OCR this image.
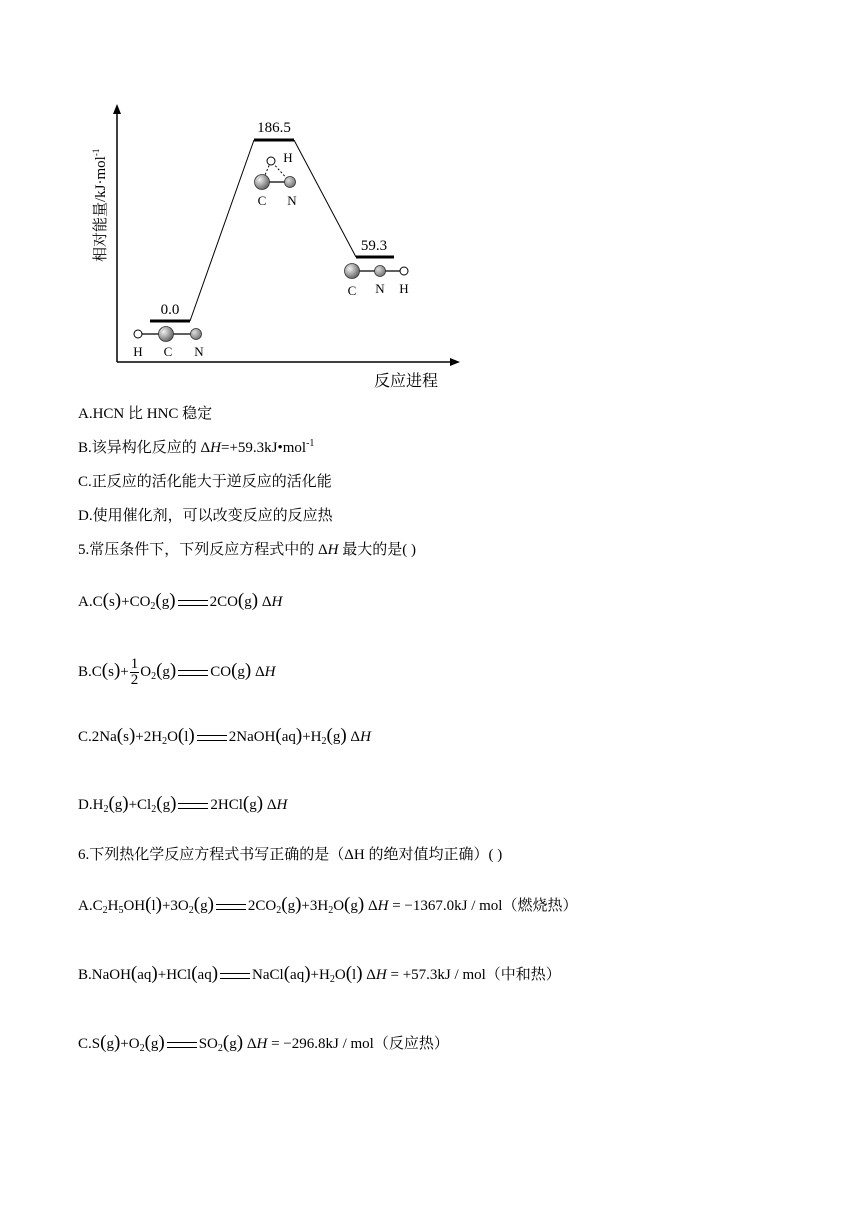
相对能量/kJ·mol$^{-1}$
反应进程
0.0
186.5
59.3
H C N
H
C N
C N H
A.HCN 比 HNC 稳定
B.该异构化反应的 ΔH=+59.3kJ•mol$^{-1}$
C.正反应的活化能大于逆反应的活化能
D.使用催化剂，可以改变反应的反应热
5.常压条件下，下列反应方程式中的 ΔH 最大的是( )
$A.C(s)+CO_2(g)$ 2CO(g) ΔH
$B.C(s)+ \frac{1}{2} O_2(g)$ CO(g) ΔH
$C.2Na(s)+2H_2O(l)$ $2NaOH(aq)+H_2(g)$ ΔH
$D.H_2(g)+Cl_2(g)$ 2HCl(g) ΔH
6.下列热化学反应方程式书写正确的是（ΔH 的绝对值均正确）( )
$A.C_2H_5OH(l)+3O_2(g)$ $2CO_2(g)+3H_2O(g) \Delta H = -1367.0kJ / mol$（燃烧热）
B.NaOH(aq)+HCl(aq) $NaCl(aq)+H_2O(l) \Delta H = +57.3kJ / mol$（中和热）
$C.S(g)+O_2(g)$ $SO_2(g) \Delta H = -296.8kJ / mol$（反应热）
